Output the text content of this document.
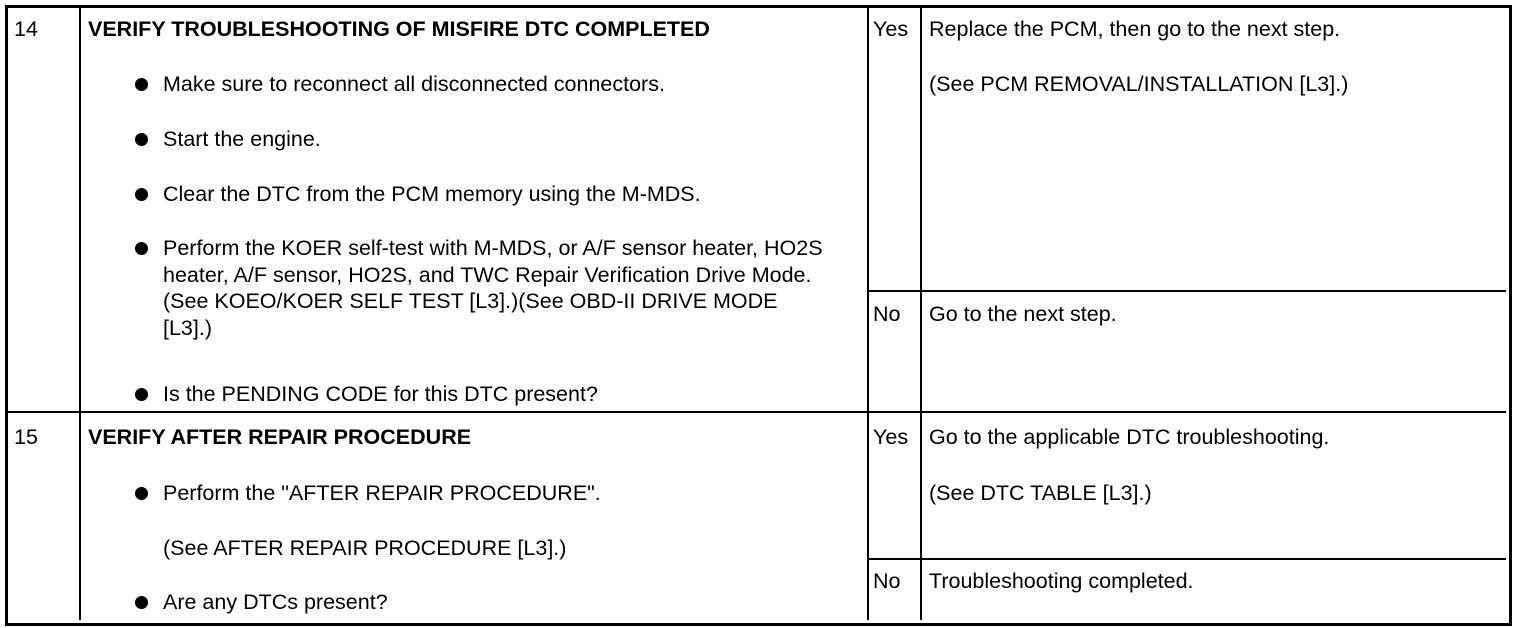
14 VERIFY TROUBLESHOOTING OF MISFIRE DTC COMPLETED
Make sure to reconnect all disconnected connectors.
Start the engine.
Clear the DTC from the PCM memory using the M-MDS.
Perform the KOER self-test with M-MDS, or A/F sensor heater, HO2S heater, A/F sensor, HO2S, and TWC Repair Verification Drive Mode. (See KOEO/KOER SELF TEST [L3].)(See OBD-II DRIVE MODE [L3].)
Is the PENDING CODE for this DTC present?
Yes Replace the PCM, then go to the next step.
(See PCM REMOVAL/INSTALLATION [L3].)
No Go to the next step.
15 VERIFY AFTER REPAIR PROCEDURE
Perform the "AFTER REPAIR PROCEDURE".
(See AFTER REPAIR PROCEDURE [L3].)
Are any DTCs present?
Yes Go to the applicable DTC troubleshooting.
(See DTC TABLE [L3].)
No Troubleshooting completed.
